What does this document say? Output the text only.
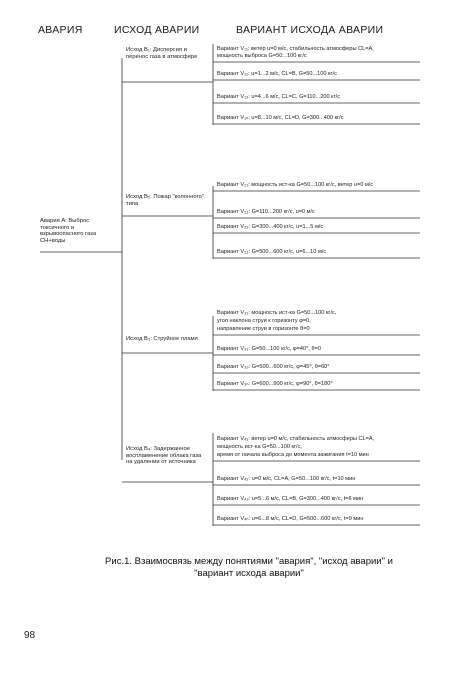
АВАРИЯ	ИСХОД АВАРИИ	ВАРИАНТ ИСХОДА АВАРИИ
Авария A: Выброс токсичного и взрывоопасного газа CH+воды
Исход B₁: Дисперсия и перенос газа в атмосфере
Вариант V₁₁: ветер u=0 м/с, стабильность атмосферы CL=A,
мощность выброса G=50...100 кг/с
Вариант V₁₂: u=1...2 м/с, CL=B, G=50...100 кг/с
Вариант V₁₃: u=4...6 м/с, CL=C, G=110...200 кг/с
Вариант V₁ₙ: u=8...10 м/с, CL=D, G=300...400 кг/с
Исход B₂: Пожар "колонного" типа
Вариант V₂₁: мощность ист-ка G=50...100 кг/с, ветер u=0 м/с
Вариант V₂₂: G=110...200 кг/с, u=0 м/с
Вариант V₂₃: G=300...400 кг/с, u=1...5 м/с
Вариант V₂₂: G=500...600 кг/с, u=6...10 м/с
Исход B₃: Струйное пламя
Вариант V₃₁: мощность ист-ка G=50...100 кг/с,
угол наклона струи к горизонту φ=0,
направление струи в горизонте θ=0
Вариант V₃₂: G=50...100 кг/с, φ=40°, θ=0
Вариант V₃₃: G=500...600 кг/с, φ=45°, θ=60°
Вариант V₃ₙ: G=600...900 кг/с, φ=90°, θ=180°
Исход B₄: Задержанное воспламенение облака газа на удалении от источника
Вариант V₄₁: ветер u=0 м/с, стабильность атмосферы CL=A,
мощность ист-ка G=50...100 кг/с,
время от начала выброса до момента зажигания t=10 мин
Вариант V₄₂: u=0 м/с, CL=A, G=50...100 кг/с, t=10 мин
Вариант V₄₃: u=5...6 м/с, CL=B, G=300...400 кг/с, t=6 мин
Вариант V₄ₙ: u=6...8 м/с, CL=D, G=500...600 кг/с, t=9 мин
Рис.1. Взаимосвязь между понятиями "авария", "исход аварии" и
"вариант исхода аварии"
98
